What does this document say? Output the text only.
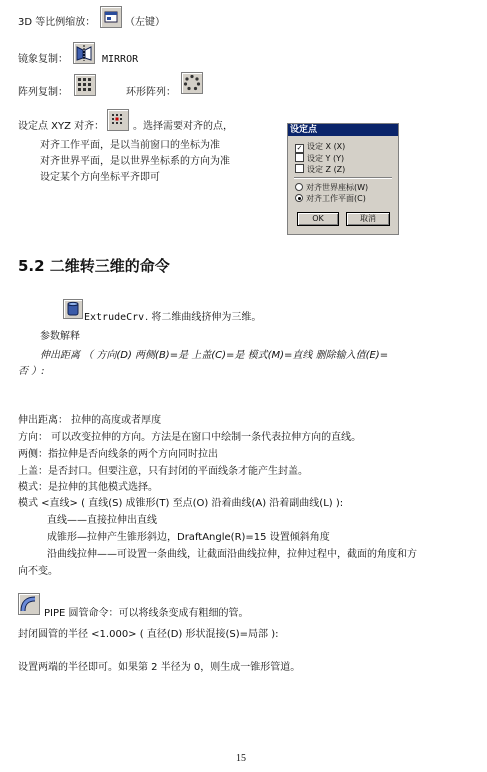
3D 等比例缩放：	（左键）
镜象复制：	MIRROR
阵列复制：	环形阵列：
设定点 XYZ 对齐：	。选择需要对齐的点，
对齐工作平面，是以当前窗口的坐标为准
对齐世界平面，是以世界坐标系的方向为准
设定某个方向坐标平齐即可
设定点
✓ 设定 X (X)
设定 Y (Y)
设定 Z (Z)
对齐世界座标(W)
对齐工作平面(C)
OK	取消
5.2 二维转三维的命令
ExtrudeCrv . 将二维曲线挤伸为三维。
参数解释
伸出距离 （ 方向(D) 两侧(B)=是 上盖(C)=是 模式(M)=直线 删除输入值(E)=
否 ）:
伸出距离： 拉伸的高度或者厚度
方向： 可以改变拉伸的方向。方法是在窗口中绘制一条代表拉伸方向的直线。
两侧：指拉伸是否向线条的两个方向同时拉出
上盖：是否封口。但要注意，只有封闭的平面线条才能产生封盖。
模式：是拉伸的其他模式选择。
模式 <直线> ( 直线(S) 成锥形(T) 至点(O) 沿着曲线(A) 沿着副曲线(L) ):
直线——直接拉伸出直线
成锥形—拉伸产生锥形斜边，DraftAngle(R)=15 设置倾斜角度
沿曲线拉伸——可设置一条曲线，让截面沿曲线拉伸，拉伸过程中，截面的角度和方
向不变。
PIPE 圆管命令：可以将线条变成有粗细的管。
封闭圆管的半径 <1.000> ( 直径(D) 形状混接(S)=局部 ):
设置两端的半径即可。如果第 2 半径为 0，则生成一锥形管道。
15
